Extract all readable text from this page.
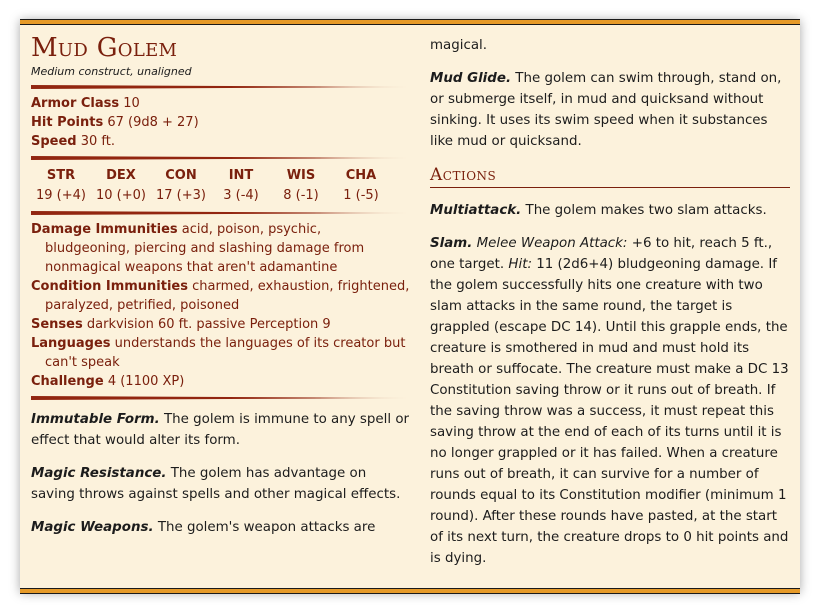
Mud Golem
Medium construct, unaligned
Armor Class 10
Hit Points 67 (9d8 + 27)
Speed 30 ft.
STR
19 (+4)
DEX
10 (+0)
CON
17 (+3)
INT
3 (-4)
WIS
8 (-1)
CHA
1 (-5)
Damage Immunities acid, poison, psychic, bludgeoning, piercing and slashing damage from nonmagical weapons that aren't adamantine
Condition Immunities charmed, exhaustion, frightened, paralyzed, petrified, poisoned
Senses darkvision 60 ft. passive Perception 9
Languages understands the languages of its creator but can't speak
Challenge 4 (1100 XP)

Immutable Form. The golem is immune to any spell or effect that would alter its form.

Magic Resistance. The golem has advantage on saving throws against spells and other magical effects.

Magic Weapons. The golem's weapon attacks are

magical.

Mud Glide. The golem can swim through, stand on, or submerge itself, in mud and quicksand without sinking. It uses its swim speed when it substances like mud or quicksand.

Actions

Multiattack. The golem makes two slam attacks.

Slam. Melee Weapon Attack: +6 to hit, reach 5 ft., one target. Hit: 11 (2d6+4) bludgeoning damage. If the golem successfully hits one creature with two slam attacks in the same round, the target is grappled (escape DC 14). Until this grapple ends, the creature is smothered in mud and must hold its breath or suffocate. The creature must make a DC 13 Constitution saving throw or it runs out of breath. If the saving throw was a success, it must repeat this saving throw at the end of each of its turns until it is no longer grappled or it has failed. When a creature runs out of breath, it can survive for a number of rounds equal to its Constitution modifier (minimum 1 round). After these rounds have pasted, at the start of its next turn, the creature drops to 0 hit points and is dying.
